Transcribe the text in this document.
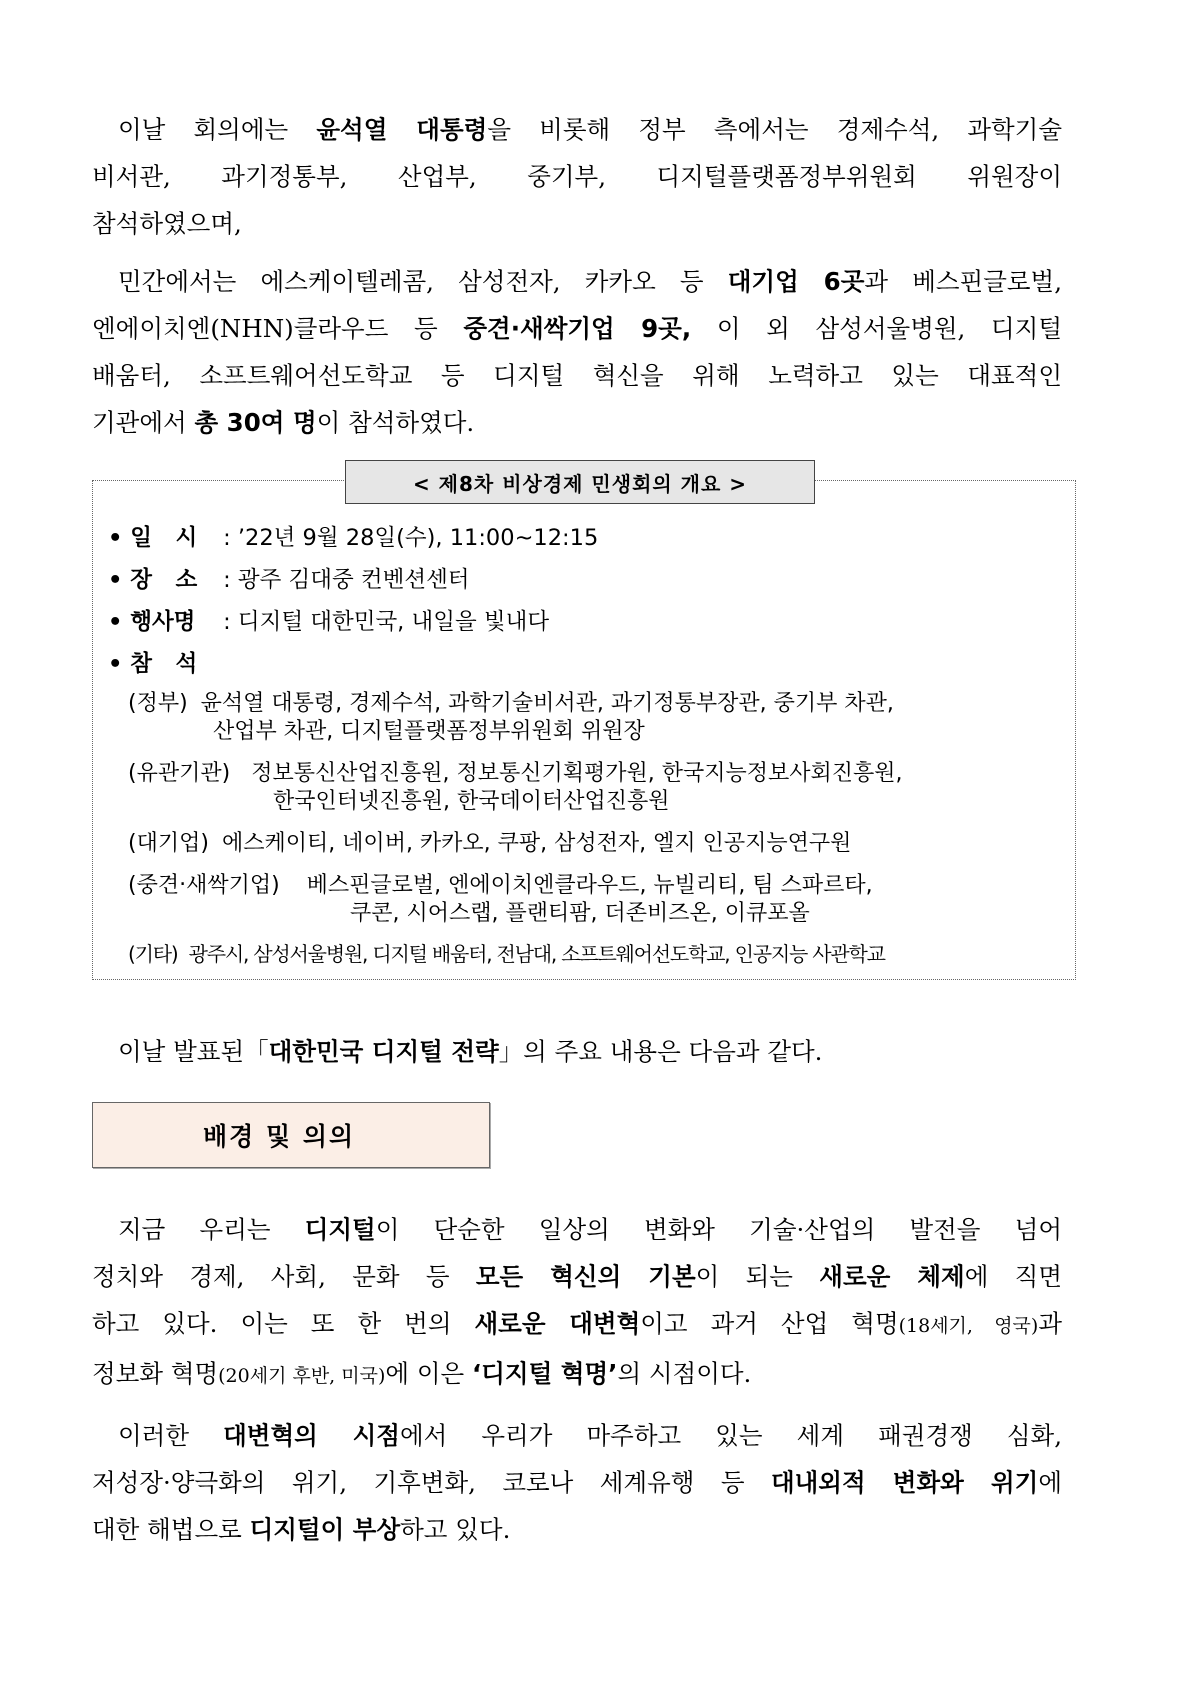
이날 회의에는 윤석열 대통령을 비롯해 정부 측에서는 경제수석, 과학기술
비서관, 과기정통부, 산업부, 중기부, 디지털플랫폼정부위원회 위원장이
참석하였으며,
민간에서는 에스케이텔레콤, 삼성전자, 카카오 등 대기업 6곳과 베스핀글로벌,
엔에이치엔(NHN)클라우드 등 중견·새싹기업 9곳, 이 외 삼성서울병원, 디지털
배움터, 소프트웨어선도학교 등 디지털 혁신을 위해 노력하고 있는 대표적인
기관에서 총 30여 명이 참석하였다.
< 제8차 비상경제 민생회의 개요 >
• 일   시 : ’22년 9월 28일(수), 11:00~12:15
• 장   소 : 광주 김대중 컨벤션센터
• 행사명 : 디지털 대한민국, 내일을 빛내다
• 참   석
(정부) 윤석열 대통령, 경제수석, 과학기술비서관, 과기정통부장관, 중기부 차관,
산업부 차관, 디지털플랫폼정부위원회 위원장
(유관기관) 정보통신산업진흥원, 정보통신기획평가원, 한국지능정보사회진흥원,
한국인터넷진흥원, 한국데이터산업진흥원
(대기업) 에스케이티, 네이버, 카카오, 쿠팡, 삼성전자, 엘지 인공지능연구원
(중견‧새싹기업) 베스핀글로벌, 엔에이치엔클라우드, 뉴빌리티, 팀 스파르타,
쿠콘, 시어스랩, 플랜티팜, 더존비즈온, 이큐포올
(기타) 광주시, 삼성서울병원, 디지털 배움터, 전남대, 소프트웨어선도학교, 인공지능 사관학교
이날 발표된「대한민국 디지털 전략」의 주요 내용은 다음과 같다.
배경 및 의의
지금 우리는 디지털이 단순한 일상의 변화와 기술·산업의 발전을 넘어
정치와 경제, 사회, 문화 등 모든 혁신의 기본이 되는 새로운 체제에 직면
하고 있다. 이는 또 한 번의 새로운 대변혁이고 과거 산업 혁명(18세기, 영국)과
정보화 혁명(20세기 후반, 미국)에 이은 ‘디지털 혁명’의 시점이다.
이러한 대변혁의 시점에서 우리가 마주하고 있는 세계 패권경쟁 심화,
저성장·양극화의 위기, 기후변화, 코로나 세계유행 등 대내외적 변화와 위기에
대한 해법으로 디지털이 부상하고 있다.
